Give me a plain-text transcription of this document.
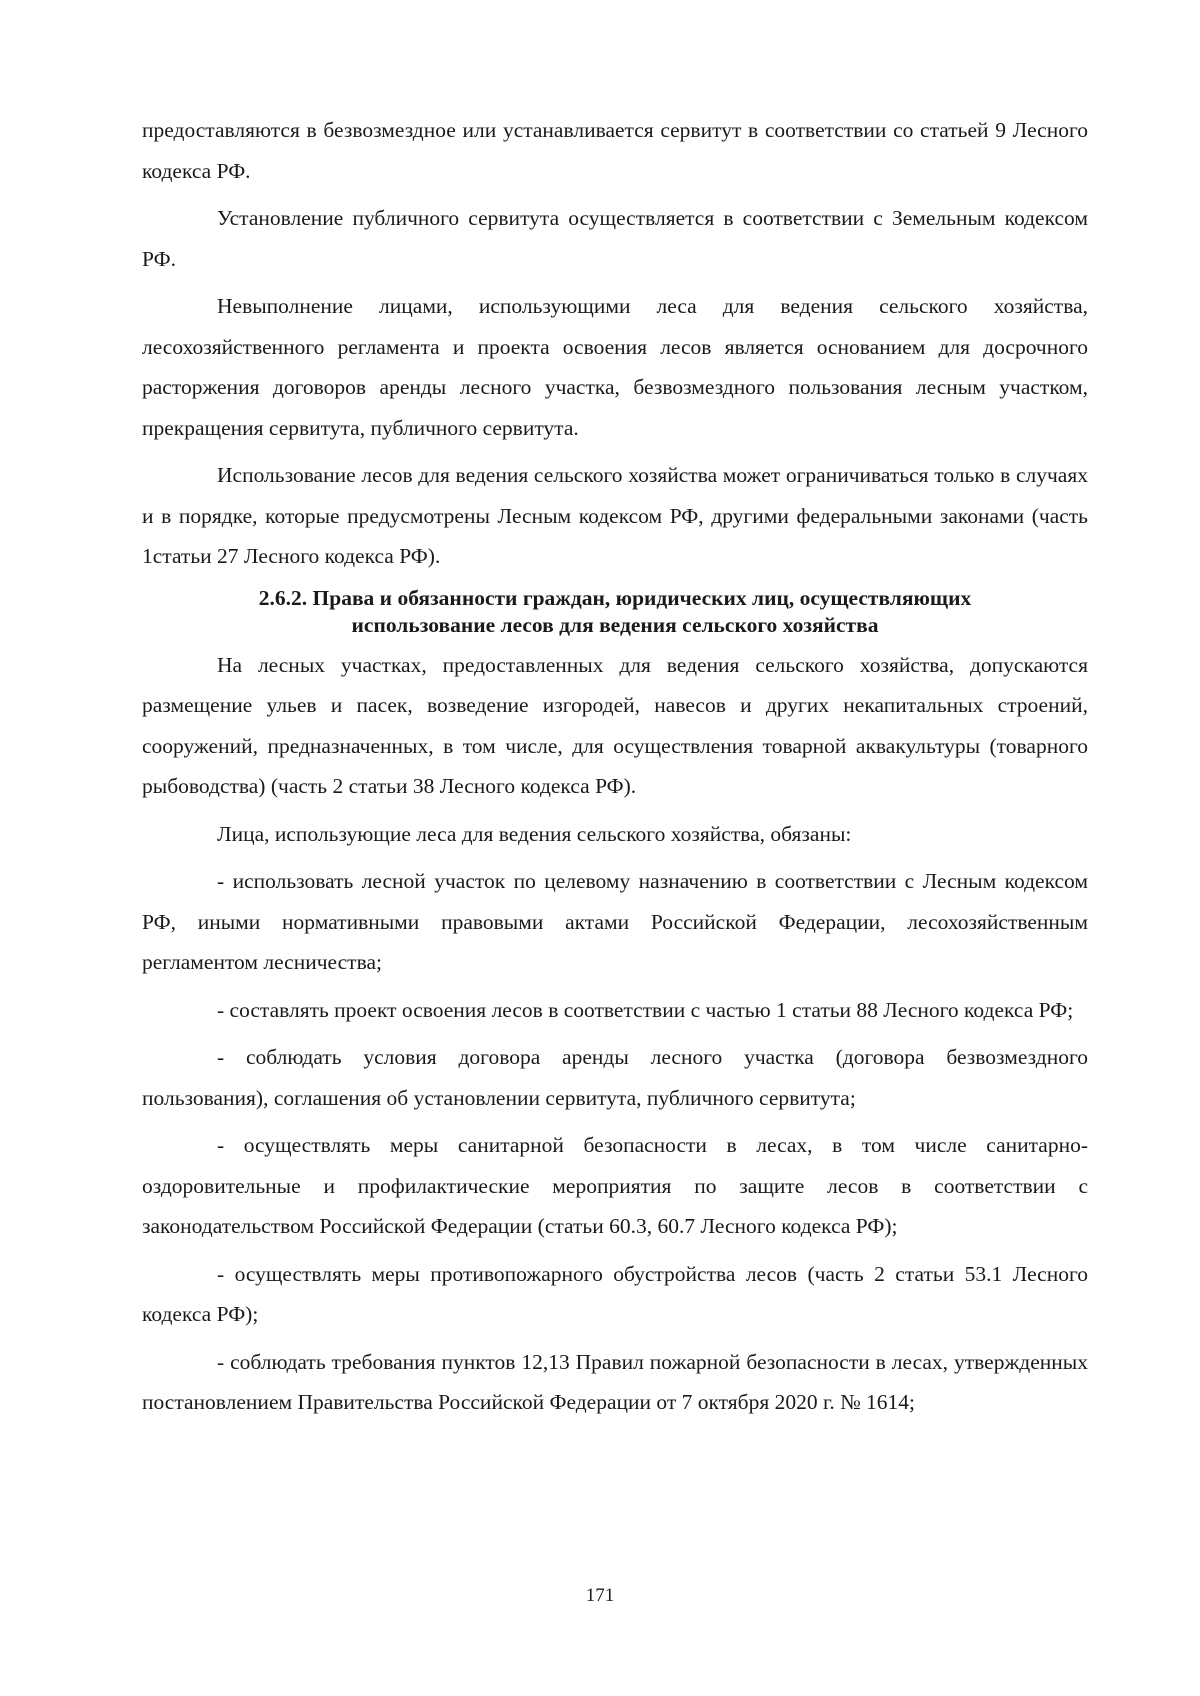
предоставляются в безвозмездное или устанавливается сервитут в соответствии со статьей 9 Лесного кодекса РФ.

Установление публичного сервитута осуществляется в соответствии с Земельным кодексом РФ.

Невыполнение лицами, использующими леса для ведения сельского хозяйства, лесохозяйственного регламента и проекта освоения лесов является основанием для досрочного расторжения договоров аренды лесного участка, безвозмездного пользования лесным участком, прекращения сервитута, публичного сервитута.

Использование лесов для ведения сельского хозяйства может ограничиваться только в случаях и в порядке, которые предусмотрены Лесным кодексом РФ, другими федеральными законами (часть 1статьи 27 Лесного кодекса РФ).

2.6.2. Права и обязанности граждан, юридических лиц, осуществляющих
использование лесов для ведения сельского хозяйства

На лесных участках, предоставленных для ведения сельского хозяйства, допускаются размещение ульев и пасек, возведение изгородей, навесов и других некапитальных строений, сооружений, предназначенных, в том числе, для осуществления товарной аквакультуры (товарного рыбоводства) (часть 2 статьи 38 Лесного кодекса РФ).

Лица, использующие леса для ведения сельского хозяйства, обязаны:

- использовать лесной участок по целевому назначению в соответствии с Лесным кодексом РФ, иными нормативными правовыми актами Российской Федерации, лесохозяйственным регламентом лесничества;

- составлять проект освоения лесов в соответствии с частью 1 статьи 88 Лесного кодекса РФ;

- соблюдать условия договора аренды лесного участка (договора безвозмездного пользования), соглашения об установлении сервитута, публичного сервитута;

- осуществлять меры санитарной безопасности в лесах, в том числе санитарно-оздоровительные и профилактические мероприятия по защите лесов в соответствии с законодательством Российской Федерации (статьи 60.3, 60.7 Лесного кодекса РФ);

- осуществлять меры противопожарного обустройства лесов (часть 2 статьи 53.1 Лесного кодекса РФ);

- соблюдать требования пунктов 12,13 Правил пожарной безопасности в лесах, утвержденных постановлением Правительства Российской Федерации от 7 октября 2020 г. № 1614;

171
